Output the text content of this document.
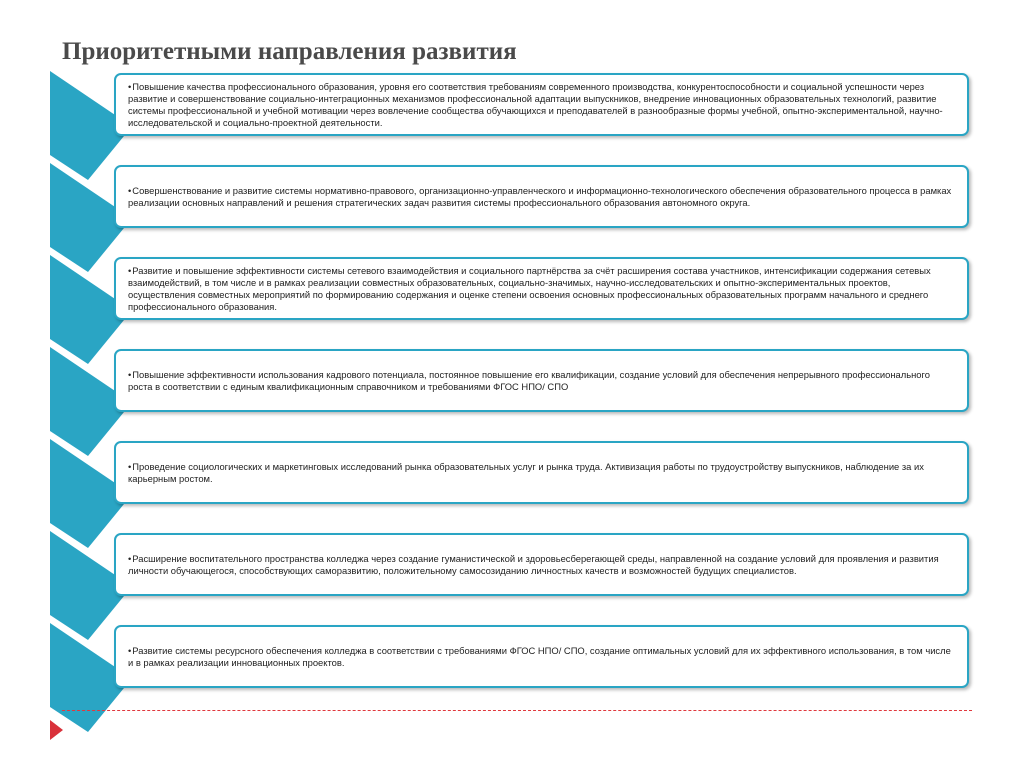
Приоритетными направления развития

•Повышение качества профессионального образования, уровня его соответствия требованиям современного производства, конкурентоспособности и социальной успешности через развитие и совершенствование социально-интеграционных механизмов профессиональной адаптации выпускников, внедрение инновационных образовательных технологий, развитие системы профессиональной и учебной мотивации через вовлечение сообщества обучающихся и преподавателей в разнообразные формы учебной, опытно-экспериментальной, научно-исследовательской и социально-проектной деятельности.

•Совершенствование и развитие системы нормативно-правового, организационно-управленческого и информационно-технологического обеспечения образовательного процесса в рамках реализации основных направлений и решения стратегических задач развития системы профессионального образования автономного округа.

•Развитие и повышение эффективности системы сетевого взаимодействия и социального партнёрства за счёт расширения состава участников, интенсификации содержания сетевых взаимодействий, в том числе и в рамках реализации совместных образовательных, социально-значимых, научно-исследовательских и опытно-экспериментальных проектов, осуществления совместных мероприятий по формированию содержания и оценке степени освоения основных профессиональных образовательных программ начального и среднего профессионального образования.

•Повышение эффективности использования кадрового потенциала, постоянное повышение его квалификации, создание условий для обеспечения непрерывного профессионального роста в соответствии с единым квалификационным справочником и требованиями ФГОС НПО/ СПО

•Проведение социологических и маркетинговых исследований рынка образовательных услуг и рынка труда. Активизация работы по трудоустройству выпускников, наблюдение за их карьерным ростом.

•Расширение воспитательного пространства колледжа через создание гуманистической и здоровьесберегающей среды, направленной на создание условий для проявления и развития личности обучающегося, способствующих саморазвитию, положительному самосозиданию личностных качеств и возможностей будущих специалистов.

•Развитие системы ресурсного обеспечения колледжа в соответствии с требованиями ФГОС НПО/ СПО, создание оптимальных условий для их эффективного использования, в том числе и в рамках реализации инновационных проектов.
